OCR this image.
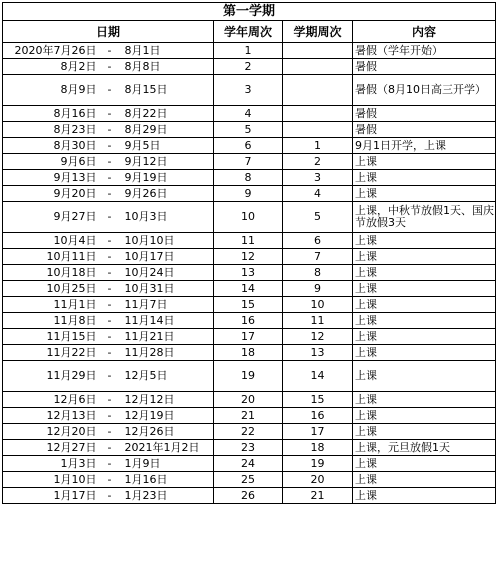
第一学期					
日期			学年周次	学期周次	内容
2020年7月26日	-	8月1日	1		暑假（学年开始）
8月2日	-	8月8日	2		暑假
8月9日	-	8月15日	3		暑假（8月10日高三开学）
8月16日	-	8月22日	4		暑假
8月23日	-	8月29日	5		暑假
8月30日	-	9月5日	6	1	9月1日开学，上课
9月6日	-	9月12日	7	2	上课
9月13日	-	9月19日	8	3	上课
9月20日	-	9月26日	9	4	上课
9月27日	-	10月3日	10	5	上课，中秋节放假1天、国庆节放假3天
10月4日	-	10月10日	11	6	上课
10月11日	-	10月17日	12	7	上课
10月18日	-	10月24日	13	8	上课
10月25日	-	10月31日	14	9	上课
11月1日	-	11月7日	15	10	上课
11月8日	-	11月14日	16	11	上课
11月15日	-	11月21日	17	12	上课
11月22日	-	11月28日	18	13	上课
11月29日	-	12月5日	19	14	上课
12月6日	-	12月12日	20	15	上课
12月13日	-	12月19日	21	16	上课
12月20日	-	12月26日	22	17	上课
12月27日	-	2021年1月2日	23	18	上课，元旦放假1天
1月3日	-	1月9日	24	19	上课
1月10日	-	1月16日	25	20	上课
1月17日	-	1月23日	26	21	上课
